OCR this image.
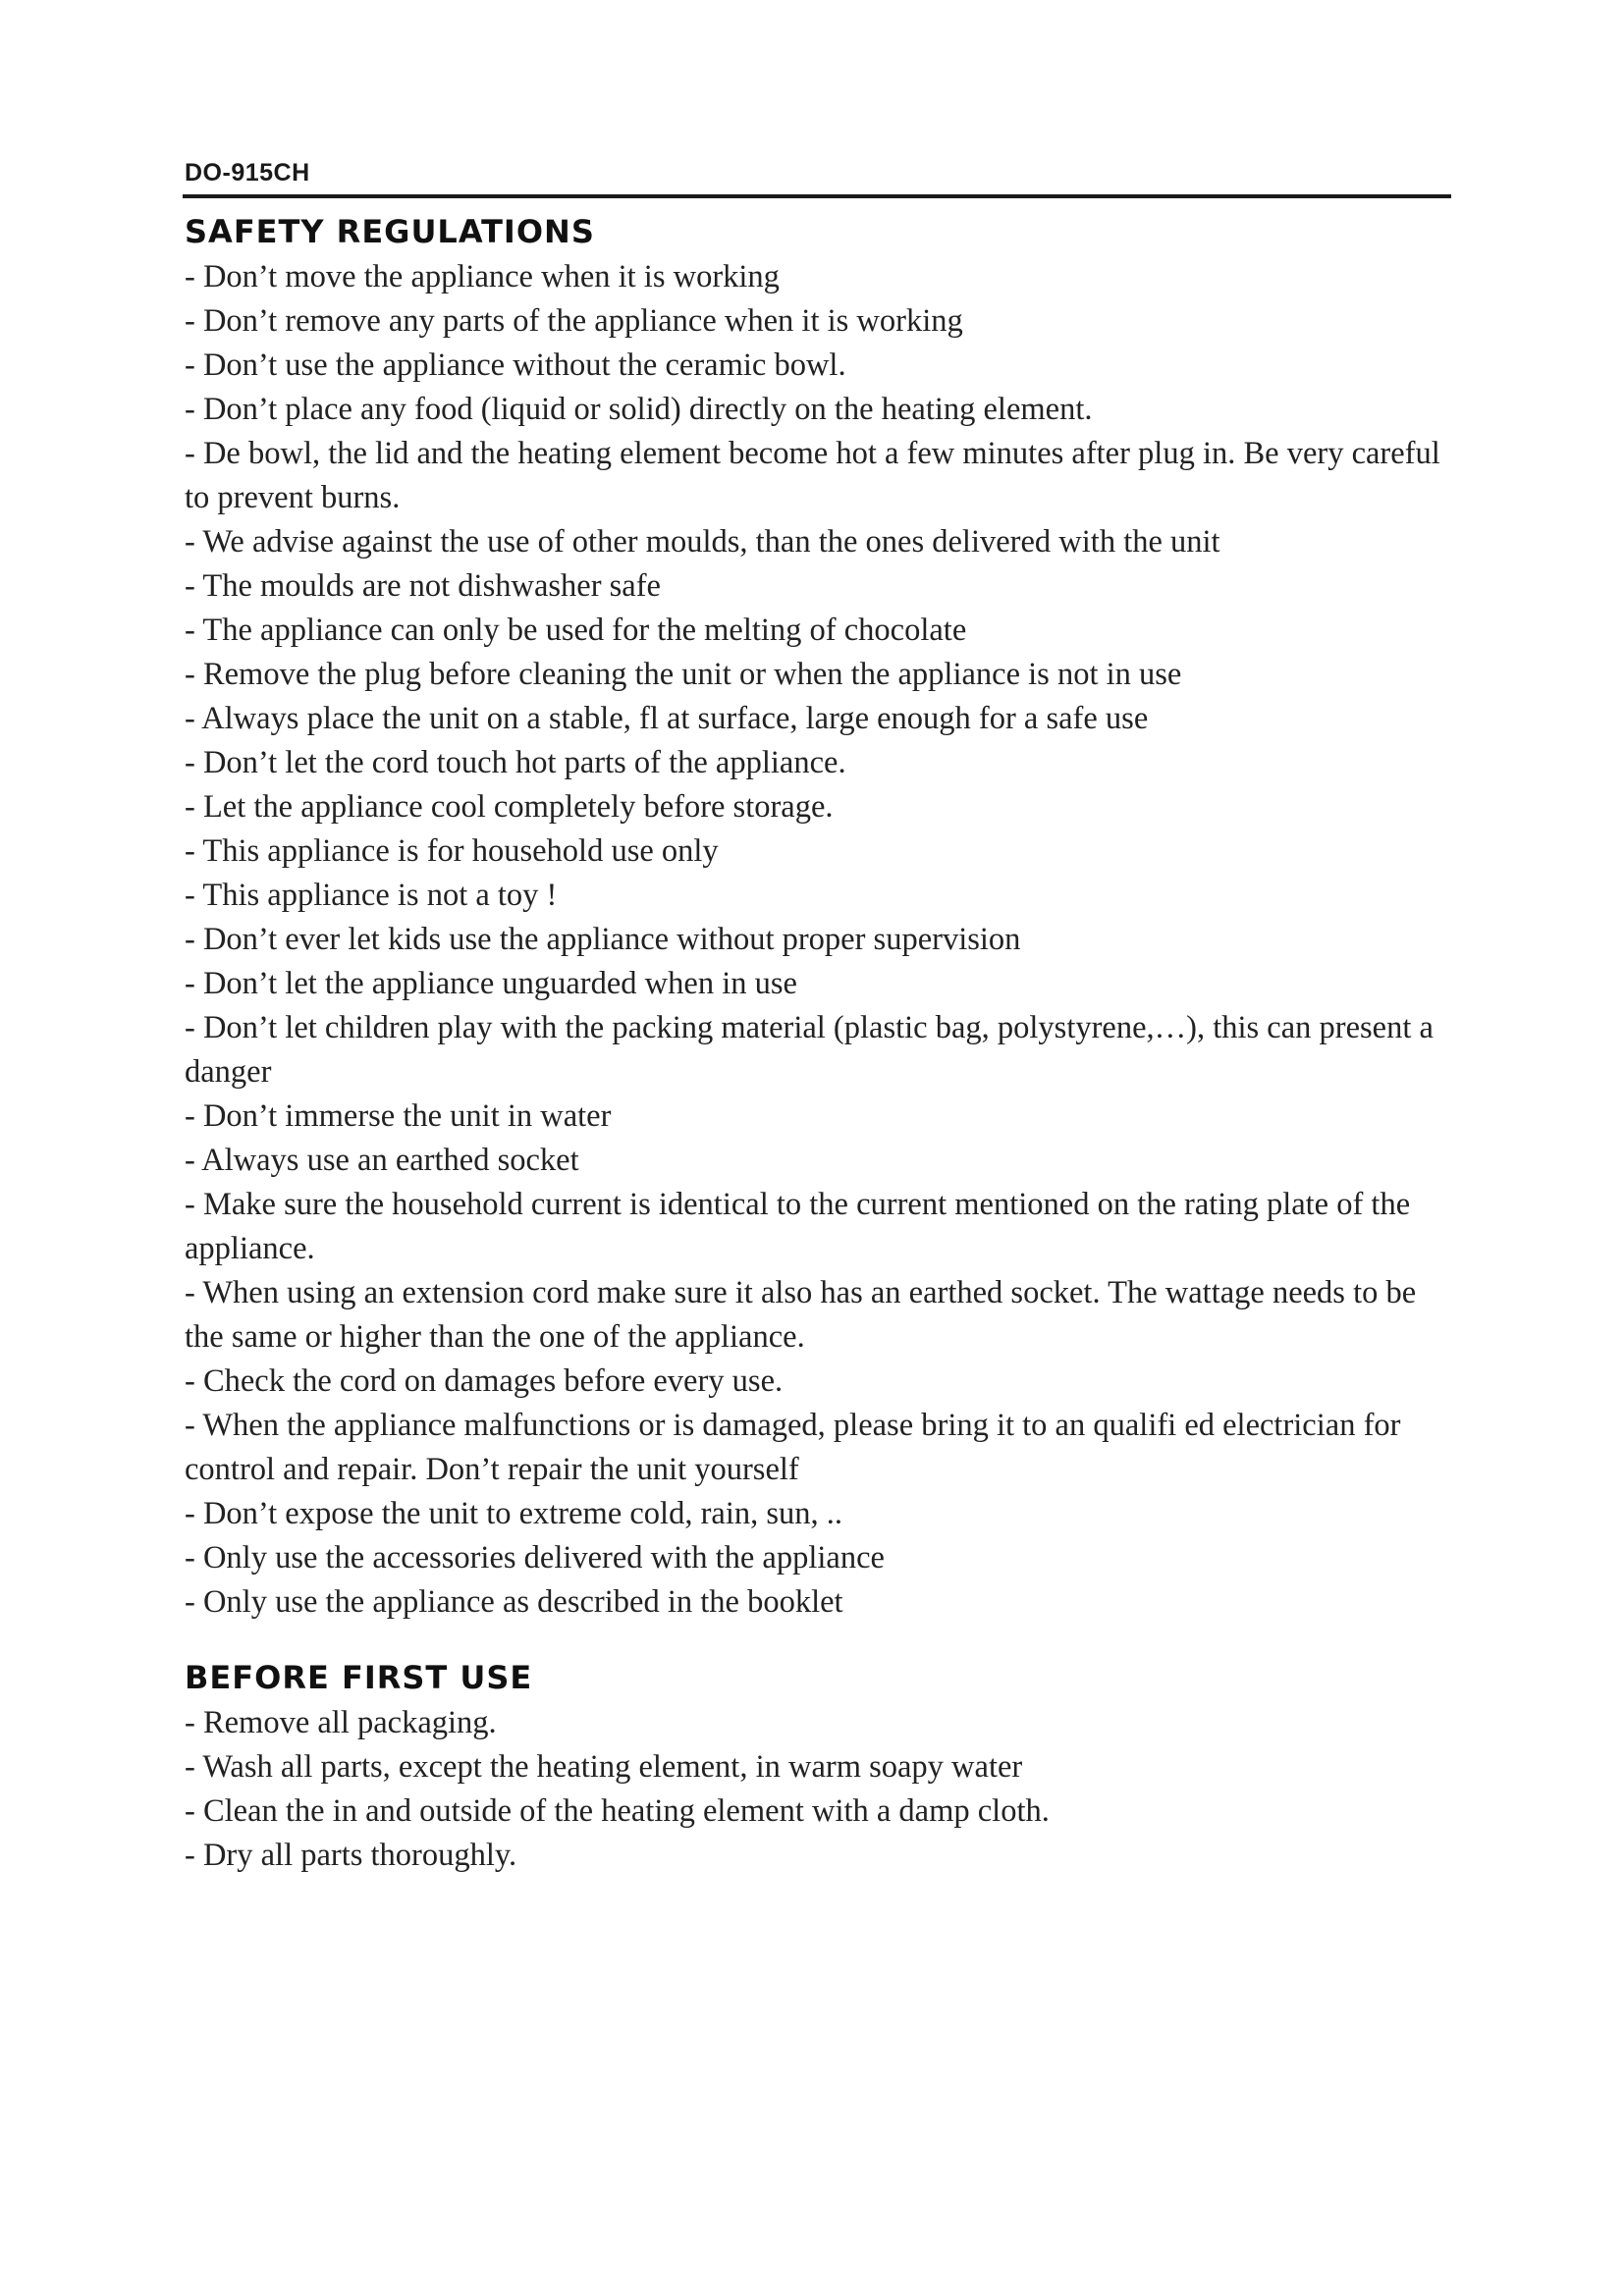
DO-915CH
SAFETY REGULATIONS
- Don’t move the appliance when it is working
- Don’t remove any parts of the appliance when it is working
- Don’t use the appliance without the ceramic bowl.
- Don’t place any food (liquid or solid) directly on the heating element.
- De bowl, the lid and the heating element become hot a few minutes after plug in. Be very careful to prevent burns.
- We advise against the use of other moulds, than the ones delivered with the unit
- The moulds are not dishwasher safe
- The appliance can only be used for the melting of chocolate
- Remove the plug before cleaning the unit or when the appliance is not in use
- Always place the unit on a stable, fl at surface, large enough for a safe use
- Don’t let the cord touch hot parts of the appliance.
- Let the appliance cool completely before storage.
- This appliance is for household use only
- This appliance is not a toy !
- Don’t ever let kids use the appliance without proper supervision
- Don’t let the appliance unguarded when in use
- Don’t let children play with the packing material (plastic bag, polystyrene,…), this can present a danger
- Don’t immerse the unit in water
- Always use an earthed socket
- Make sure the household current is identical to the current mentioned on the rating plate of the appliance.
- When using an extension cord make sure it also has an earthed socket. The wattage needs to be the same or higher than the one of the appliance.
- Check the cord on damages before every use.
- When the appliance malfunctions or is damaged, please bring it to an qualifi ed electrician for control and repair. Don’t repair the unit yourself
- Don’t expose the unit to extreme cold, rain, sun, ..
- Only use the accessories delivered with the appliance
- Only use the appliance as described in the booklet
BEFORE FIRST USE
- Remove all packaging.
- Wash all parts, except the heating element, in warm soapy water
- Clean the in and outside of the heating element with a damp cloth.
- Dry all parts thoroughly.
